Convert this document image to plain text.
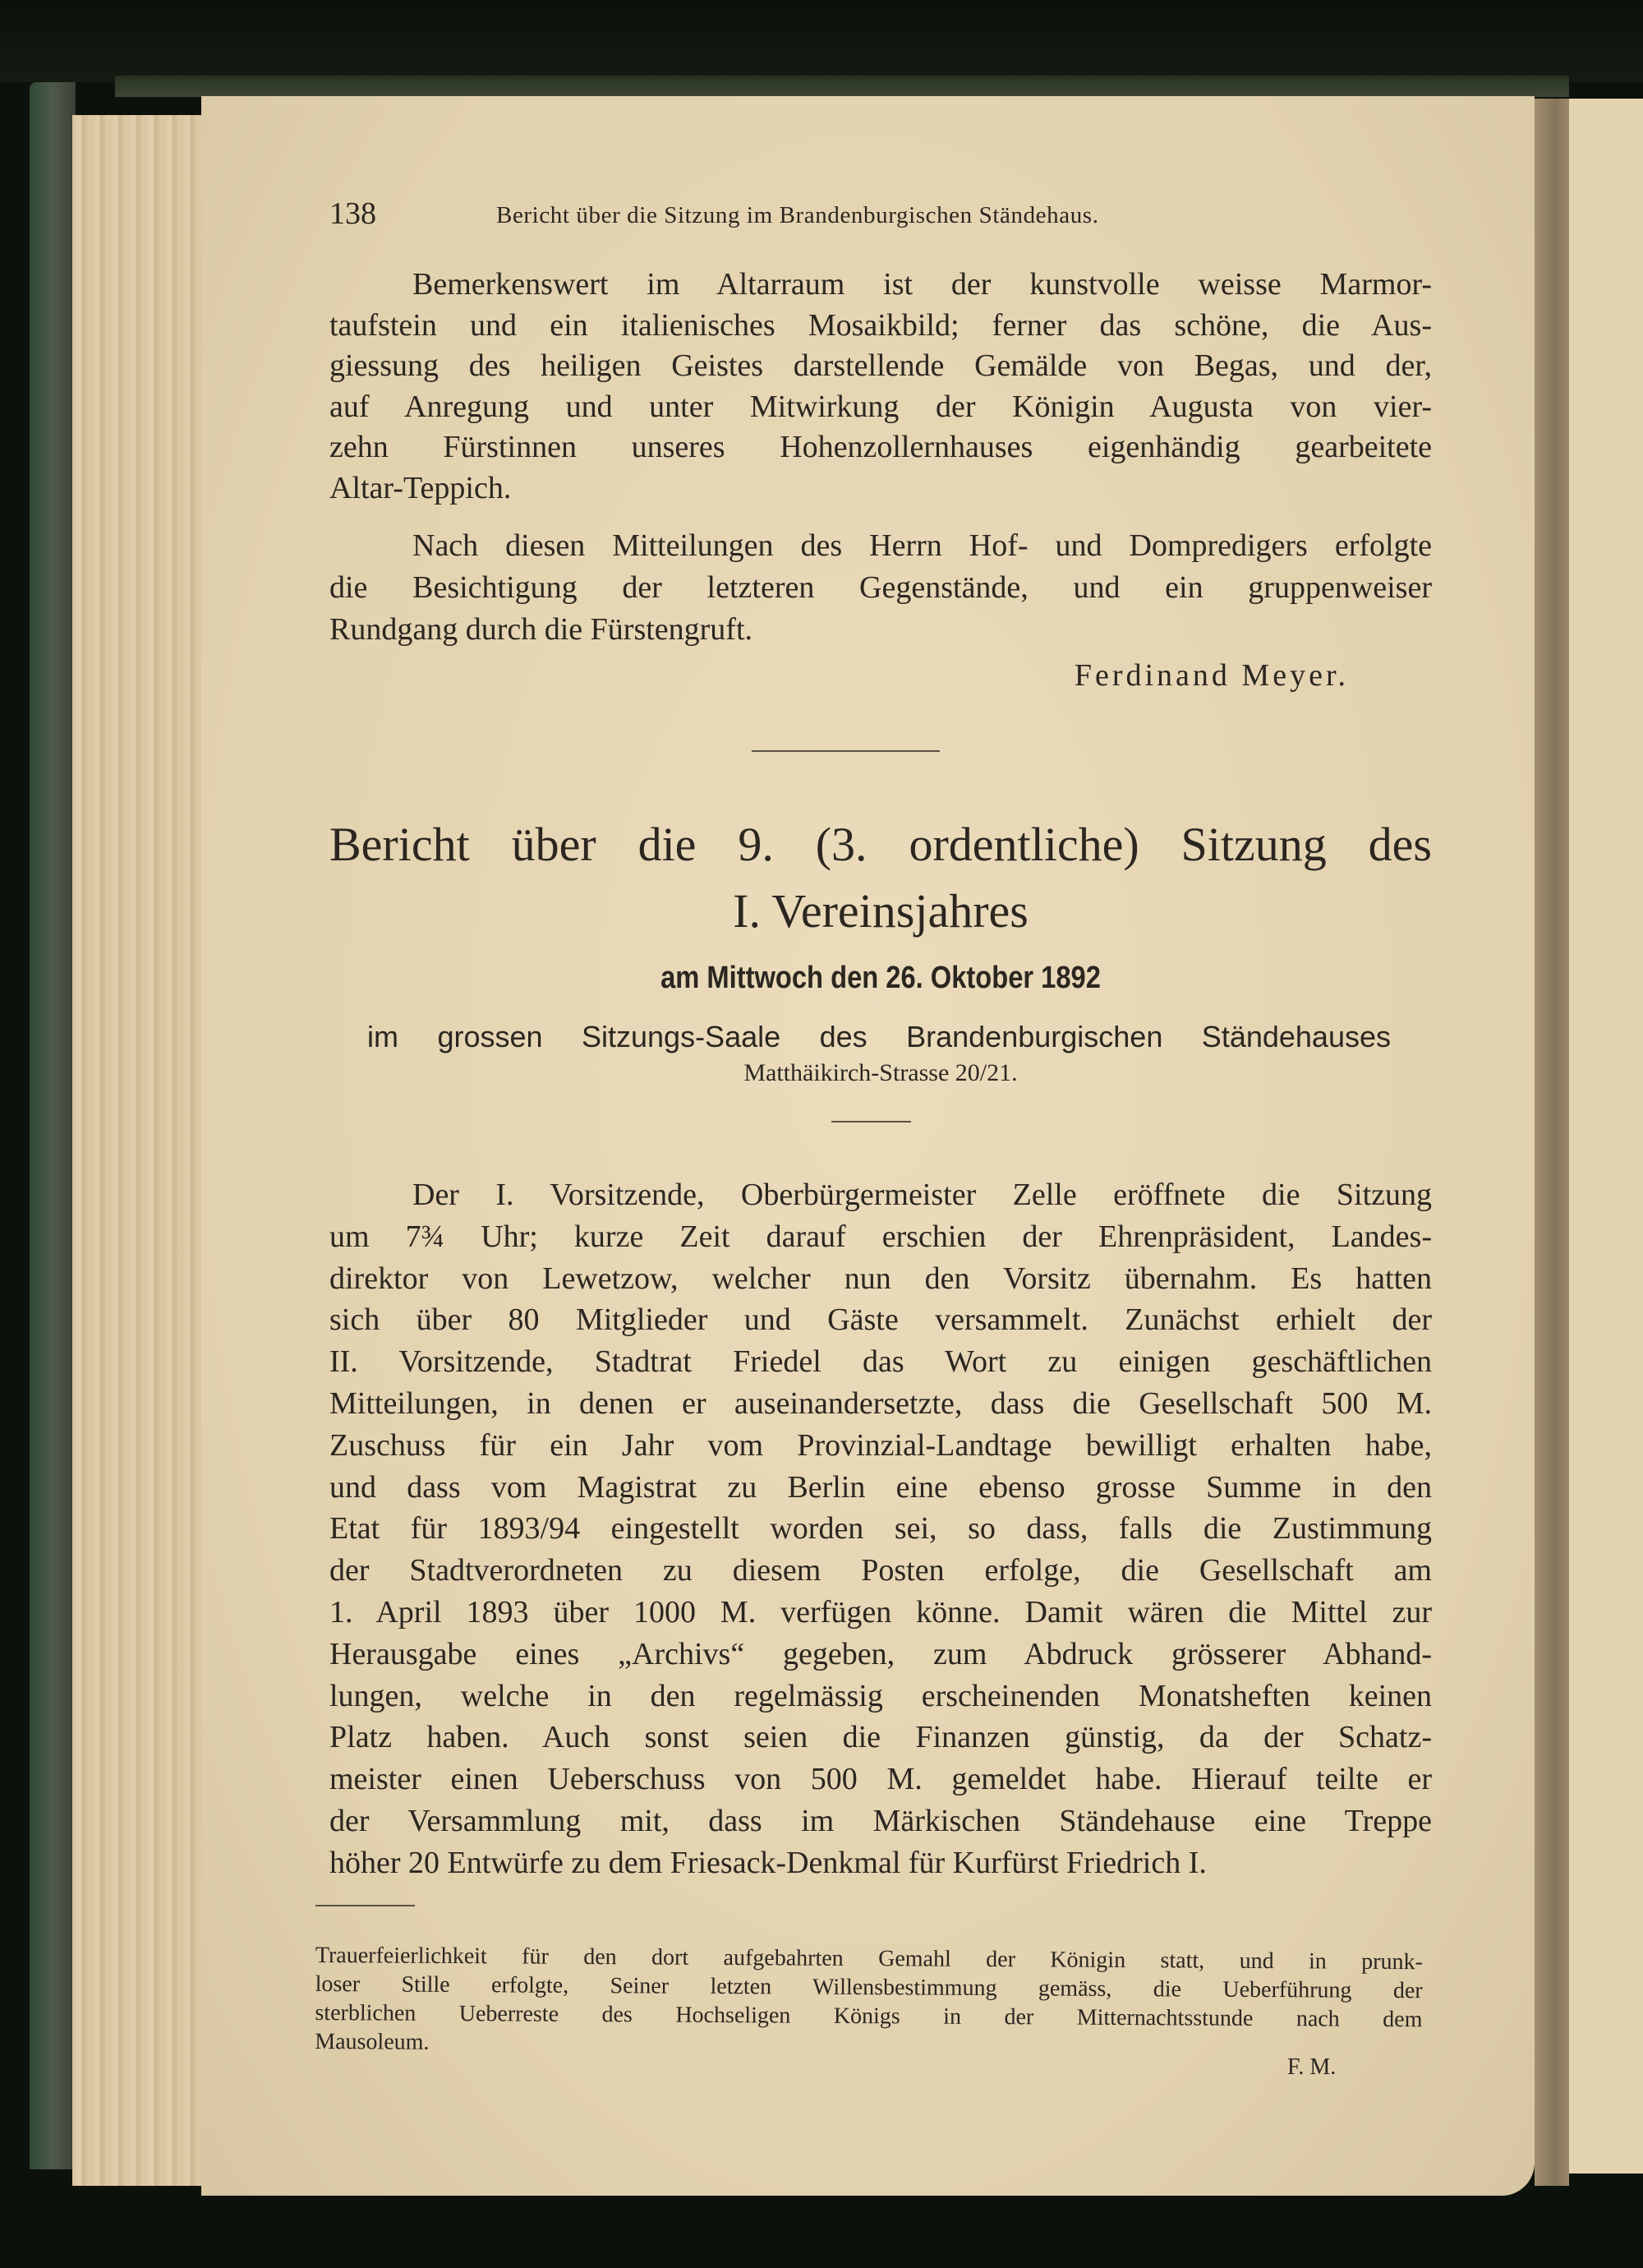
138	Bericht über die Sitzung im Brandenburgischen Ständehaus.
Bemerkenswert im Altarraum ist der kunstvolle weisse Marmor-
taufstein und ein italienisches Mosaikbild; ferner das schöne, die Aus-
giessung des heiligen Geistes darstellende Gemälde von Begas, und der,
auf Anregung und unter Mitwirkung der Königin Augusta von vier-
zehn Fürstinnen unseres Hohenzollernhauses eigenhändig gearbeitete
Altar-Teppich.
Nach diesen Mitteilungen des Herrn Hof- und Dompredigers erfolgte
die Besichtigung der letzteren Gegenstände, und ein gruppenweiser
Rundgang durch die Fürstengruft.
Ferdinand Meyer.
Bericht über die 9. (3. ordentliche) Sitzung des
I. Vereinsjahres
am Mittwoch den 26. Oktober 1892
im grossen Sitzungs-Saale des Brandenburgischen Ständehauses
Matthäikirch-Strasse 20/21.
Der I. Vorsitzende, Oberbürgermeister Zelle eröffnete die Sitzung
um 7¾ Uhr; kurze Zeit darauf erschien der Ehrenpräsident, Landes-
direktor von Lewetzow, welcher nun den Vorsitz übernahm. Es hatten
sich über 80 Mitglieder und Gäste versammelt. Zunächst erhielt der
II. Vorsitzende, Stadtrat Friedel das Wort zu einigen geschäftlichen
Mitteilungen, in denen er auseinandersetzte, dass die Gesellschaft 500 M.
Zuschuss für ein Jahr vom Provinzial-Landtage bewilligt erhalten habe,
und dass vom Magistrat zu Berlin eine ebenso grosse Summe in den
Etat für 1893/94 eingestellt worden sei, so dass, falls die Zustimmung
der Stadtverordneten zu diesem Posten erfolge, die Gesellschaft am
1. April 1893 über 1000 M. verfügen könne. Damit wären die Mittel zur
Herausgabe eines „Archivs“ gegeben, zum Abdruck grösserer Abhand-
lungen, welche in den regelmässig erscheinenden Monatsheften keinen
Platz haben. Auch sonst seien die Finanzen günstig, da der Schatz-
meister einen Ueberschuss von 500 M. gemeldet habe. Hierauf teilte er
der Versammlung mit, dass im Märkischen Ständehause eine Treppe
höher 20 Entwürfe zu dem Friesack-Denkmal für Kurfürst Friedrich I.
Trauerfeierlichkeit für den dort aufgebahrten Gemahl der Königin statt, und in prunk-
loser Stille erfolgte, Seiner letzten Willensbestimmung gemäss, die Ueberführung der
sterblichen Ueberreste des Hochseligen Königs in der Mitternachtsstunde nach dem
Mausoleum.
F. M.
